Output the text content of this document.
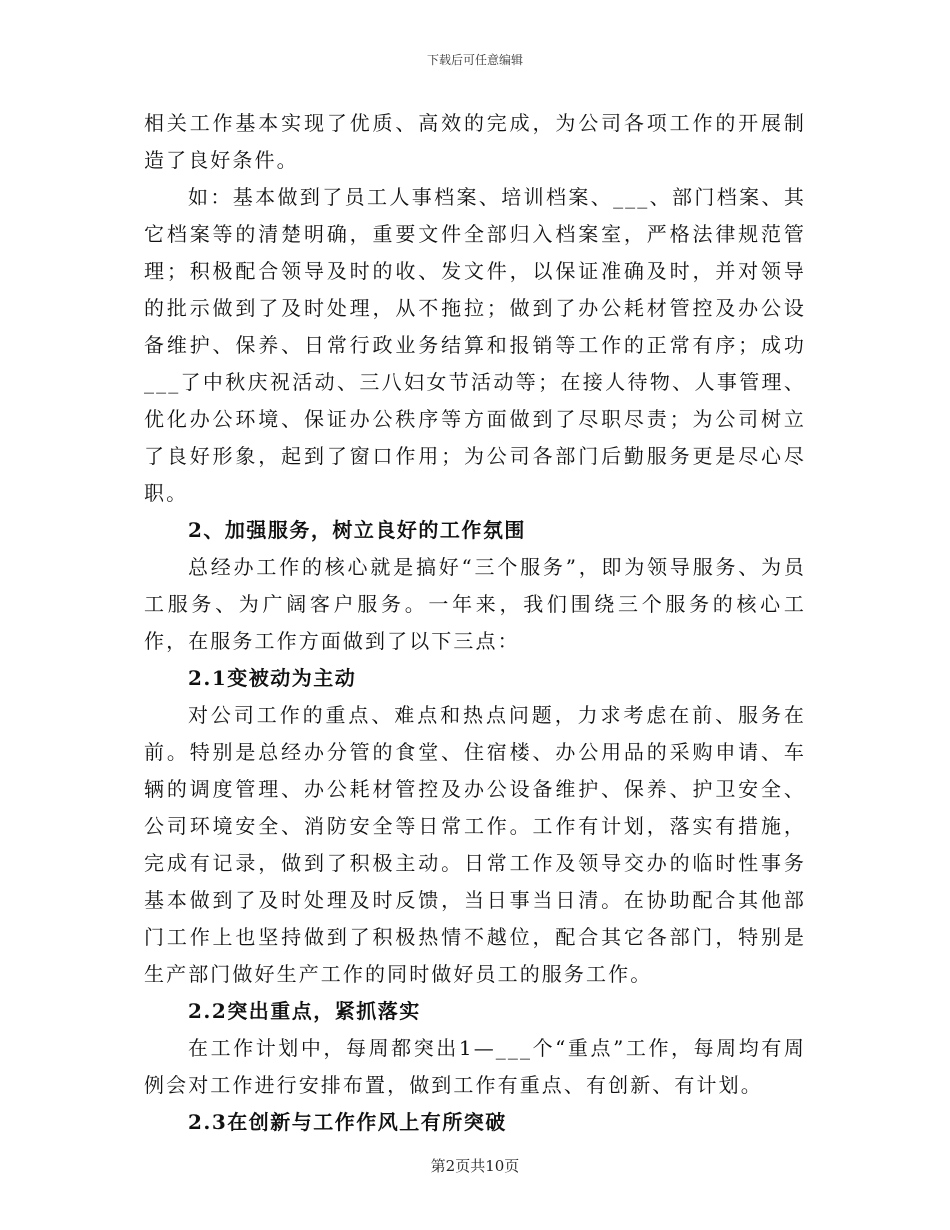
下载后可任意编辑

相关工作基本实现了优质、高效的完成，为公司各项工作的开展制造了良好条件。

如：基本做到了员工人事档案、培训档案、___、部门档案、其它档案等的清楚明确，重要文件全部归入档案室，严格法律规范管理；积极配合领导及时的收、发文件，以保证准确及时，并对领导的批示做到了及时处理，从不拖拉；做到了办公耗材管控及办公设备维护、保养、日常行政业务结算和报销等工作的正常有序；成功___了中秋庆祝活动、三八妇女节活动等；在接人待物、人事管理、优化办公环境、保证办公秩序等方面做到了尽职尽责；为公司树立了良好形象，起到了窗口作用；为公司各部门后勤服务更是尽心尽职。

2、加强服务，树立良好的工作氛围

总经办工作的核心就是搞好“三个服务”，即为领导服务、为员工服务、为广阔客户服务。一年来，我们围绕三个服务的核心工作，在服务工作方面做到了以下三点：

2.1变被动为主动

对公司工作的重点、难点和热点问题，力求考虑在前、服务在前。特别是总经办分管的食堂、住宿楼、办公用品的采购申请、车辆的调度管理、办公耗材管控及办公设备维护、保养、护卫安全、公司环境安全、消防安全等日常工作。工作有计划，落实有措施，完成有记录，做到了积极主动。日常工作及领导交办的临时性事务基本做到了及时处理及时反馈，当日事当日清。在协助配合其他部门工作上也坚持做到了积极热情不越位，配合其它各部门，特别是生产部门做好生产工作的同时做好员工的服务工作。

2.2突出重点，紧抓落实

在工作计划中，每周都突出1—___个“重点”工作，每周均有周例会对工作进行安排布置，做到工作有重点、有创新、有计划。

2.3在创新与工作作风上有所突破

第2页共10页
